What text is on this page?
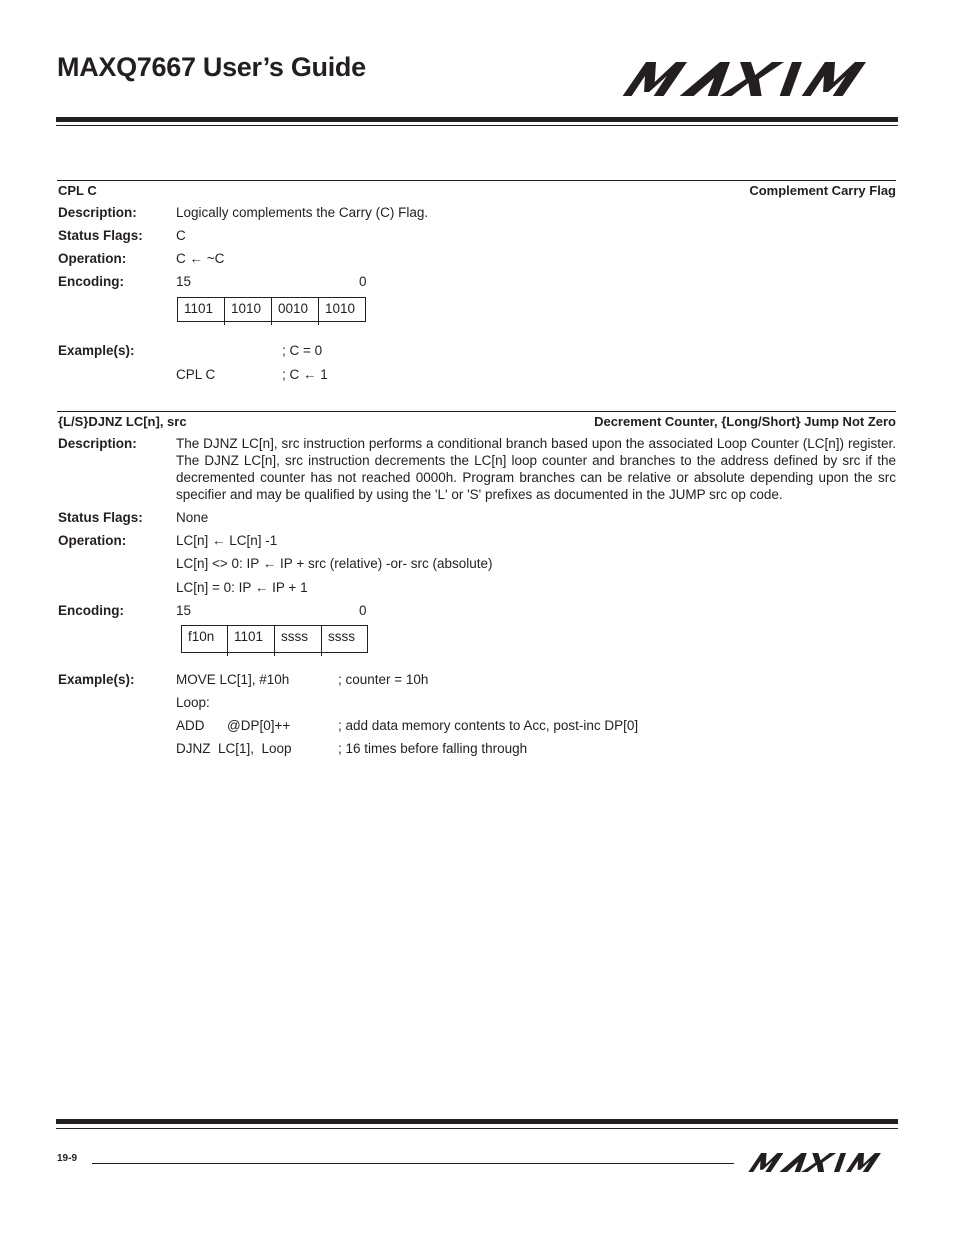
MAXQ7667 User’s Guide
CPL C	Complement Carry Flag
Description:	Logically complements the Carry (C) Flag.
Status Flags: C
Operation:	C ← ~C
Encoding:	15	0
1101	1010	0010	1010
Example(s):	; C = 0
CPL C	; C ← 1
{L/S}DJNZ LC[n], src	Decrement Counter, {Long/Short} Jump Not Zero
Description:	The DJNZ LC[n], src instruction performs a conditional branch based upon the associated Loop Counter (LC[n]) register. The DJNZ LC[n], src instruction decrements the LC[n] loop counter and branches to the address defined by src if the decremented counter has not reached 0000h. Program branches can be relative or absolute depending upon the src specifier and may be qualified by using the 'L' or 'S' prefixes as documented in the JUMP src op code.
Status Flags: None
Operation:	LC[n] ← LC[n] -1
LC[n] <> 0: IP ← IP + src (relative) -or- src (absolute)
LC[n] = 0: IP ← IP + 1
Encoding:	15	0
f10n	1101	ssss	ssss
Example(s):	MOVE LC[1], #10h	; counter = 10h
Loop:
ADD      @DP[0]++	; add data memory contents to Acc, post-inc DP[0]
DJNZ  LC[1],  Loop	; 16 times before falling through
19-9
